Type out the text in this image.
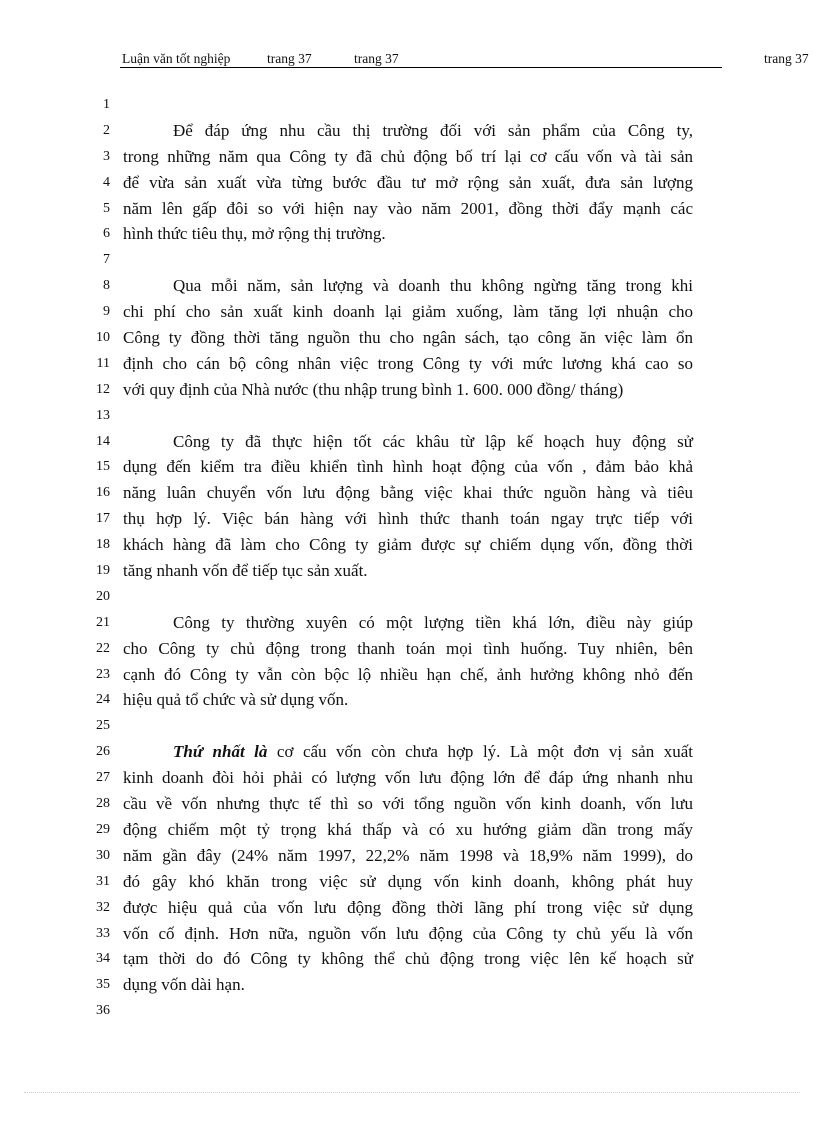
Luận văn tốt nghiệp	trang 37	trang 37	trang 37
1
2	Để đáp ứng nhu cầu thị trường đối với sản phẩm của Công ty,
3 trong những năm qua Công ty đã chủ động bố trí lại cơ cấu vốn và tài sản
4 để vừa sản xuất vừa từng bước đầu tư mở rộng sản xuất, đưa sản lượng
5 năm lên gấp đôi so với hiện nay vào năm 2001, đồng thời đẩy mạnh các
6 hình thức tiêu thụ, mở rộng thị trường.
7
8	Qua mỗi năm, sản lượng và doanh thu không ngừng tăng trong khi
9 chi phí cho sản xuất kinh doanh lại giảm xuống, làm tăng lợi nhuận cho
10 Công ty đồng thời tăng nguồn thu cho ngân sách, tạo công ăn việc làm ổn
11 định cho cán bộ công nhân việc trong Công ty với mức lương khá cao so
12 với quy định của Nhà nước (thu nhập trung bình 1. 600. 000 đồng/ tháng)
13
14	Công ty đã thực hiện tốt các khâu từ lập kế hoạch huy động sử
15 dụng đến kiểm tra điều khiển tình hình hoạt động của vốn , đảm bảo khả
16 năng luân chuyển vốn lưu động bằng việc khai thức nguồn hàng và tiêu
17 thụ hợp lý. Việc bán hàng với hình thức thanh toán ngay trực tiếp với
18 khách hàng đã làm cho Công ty giảm được sự chiếm dụng vốn, đồng thời
19 tăng nhanh vốn để tiếp tục sản xuất.
20
21	Công ty thường xuyên có một lượng tiền khá lớn, điều này giúp
22 cho Công ty chủ động trong thanh toán mọi tình huống. Tuy nhiên, bên
23 cạnh đó Công ty vẫn còn bộc lộ nhiều hạn chế, ảnh hưởng không nhỏ đến
24 hiệu quả tổ chức và sử dụng vốn.
25
26	Thứ nhất là cơ cấu vốn còn chưa hợp lý. Là một đơn vị sản xuất
27 kinh doanh đòi hỏi phải có lượng vốn lưu động lớn để đáp ứng nhanh nhu
28 cầu về vốn nhưng thực tế thì so với tổng nguồn vốn kinh doanh, vốn lưu
29 động chiếm một tỷ trọng khá thấp và có xu hướng giảm dần trong mấy
30 năm gần đây (24% năm 1997, 22,2% năm 1998 và 18,9% năm 1999), do
31 đó gây khó khăn trong việc sử dụng vốn kinh doanh, không phát huy
32 được hiệu quả của vốn lưu động đồng thời lãng phí trong việc sử dụng
33 vốn cố định. Hơn nữa, nguồn vốn lưu động của Công ty chủ yếu là vốn
34 tạm thời do đó Công ty không thể chủ động trong việc lên kế hoạch sử
35 dụng vốn dài hạn.
36
